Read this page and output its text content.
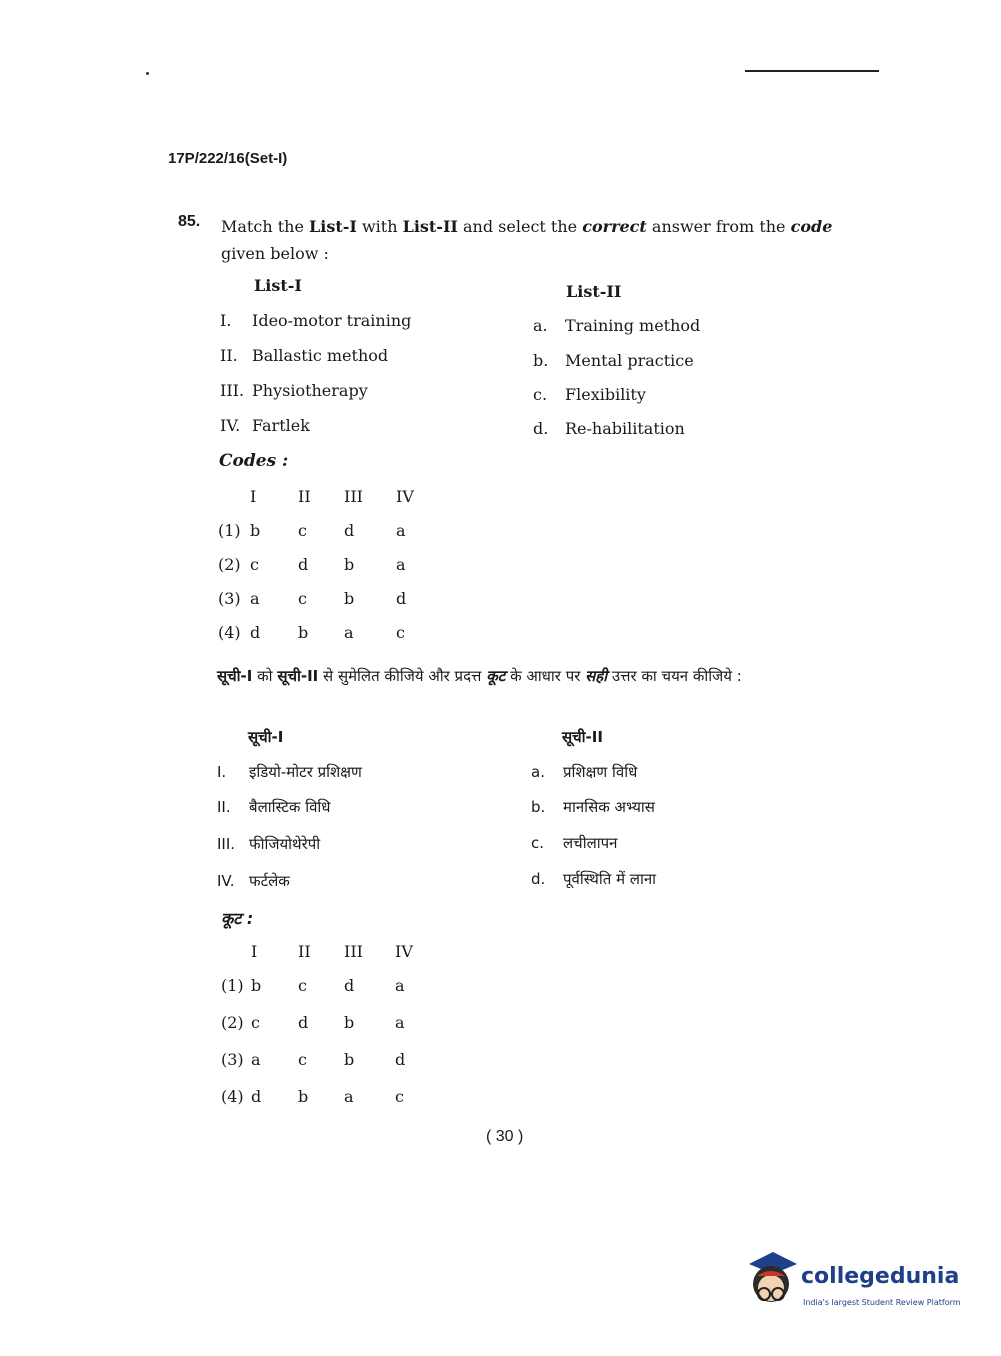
17P/222/16(Set-I)
85. Match the List-I with List-II and select the correct answer from the code given below :
List-I	List-II
I. Ideo-motor training
II. Ballastic method
III. Physiotherapy
IV. Fartlek
a. Training method
b. Mental practice
c. Flexibility
d. Re-habilitation
Codes :
I	II III IV
(1) b c d	a
(2) c d b	a
(3) a c b	d
(4) d b a	c
सूची-I को सूची-II से सुमेलित कीजिये और प्रदत्त कूट के आधार पर सही उत्तर का चयन कीजिये :
सूची-I	सूची-II
I. इडियो-मोटर प्रशिक्षण
II. बैलास्टिक विधि
III. फीजियोथेरेपी
IV. फर्टलेक
a. प्रशिक्षण विधि
b. मानसिक अभ्यास
c. लचीलापन
d. पूर्वस्थिति में लाना
कूट :
I	II III IV
(1) b c d	a
(2) c d b	a
(3) a c b	d
(4) d b a	c
( 30 )
collegedunia
India's largest Student Review Platform
